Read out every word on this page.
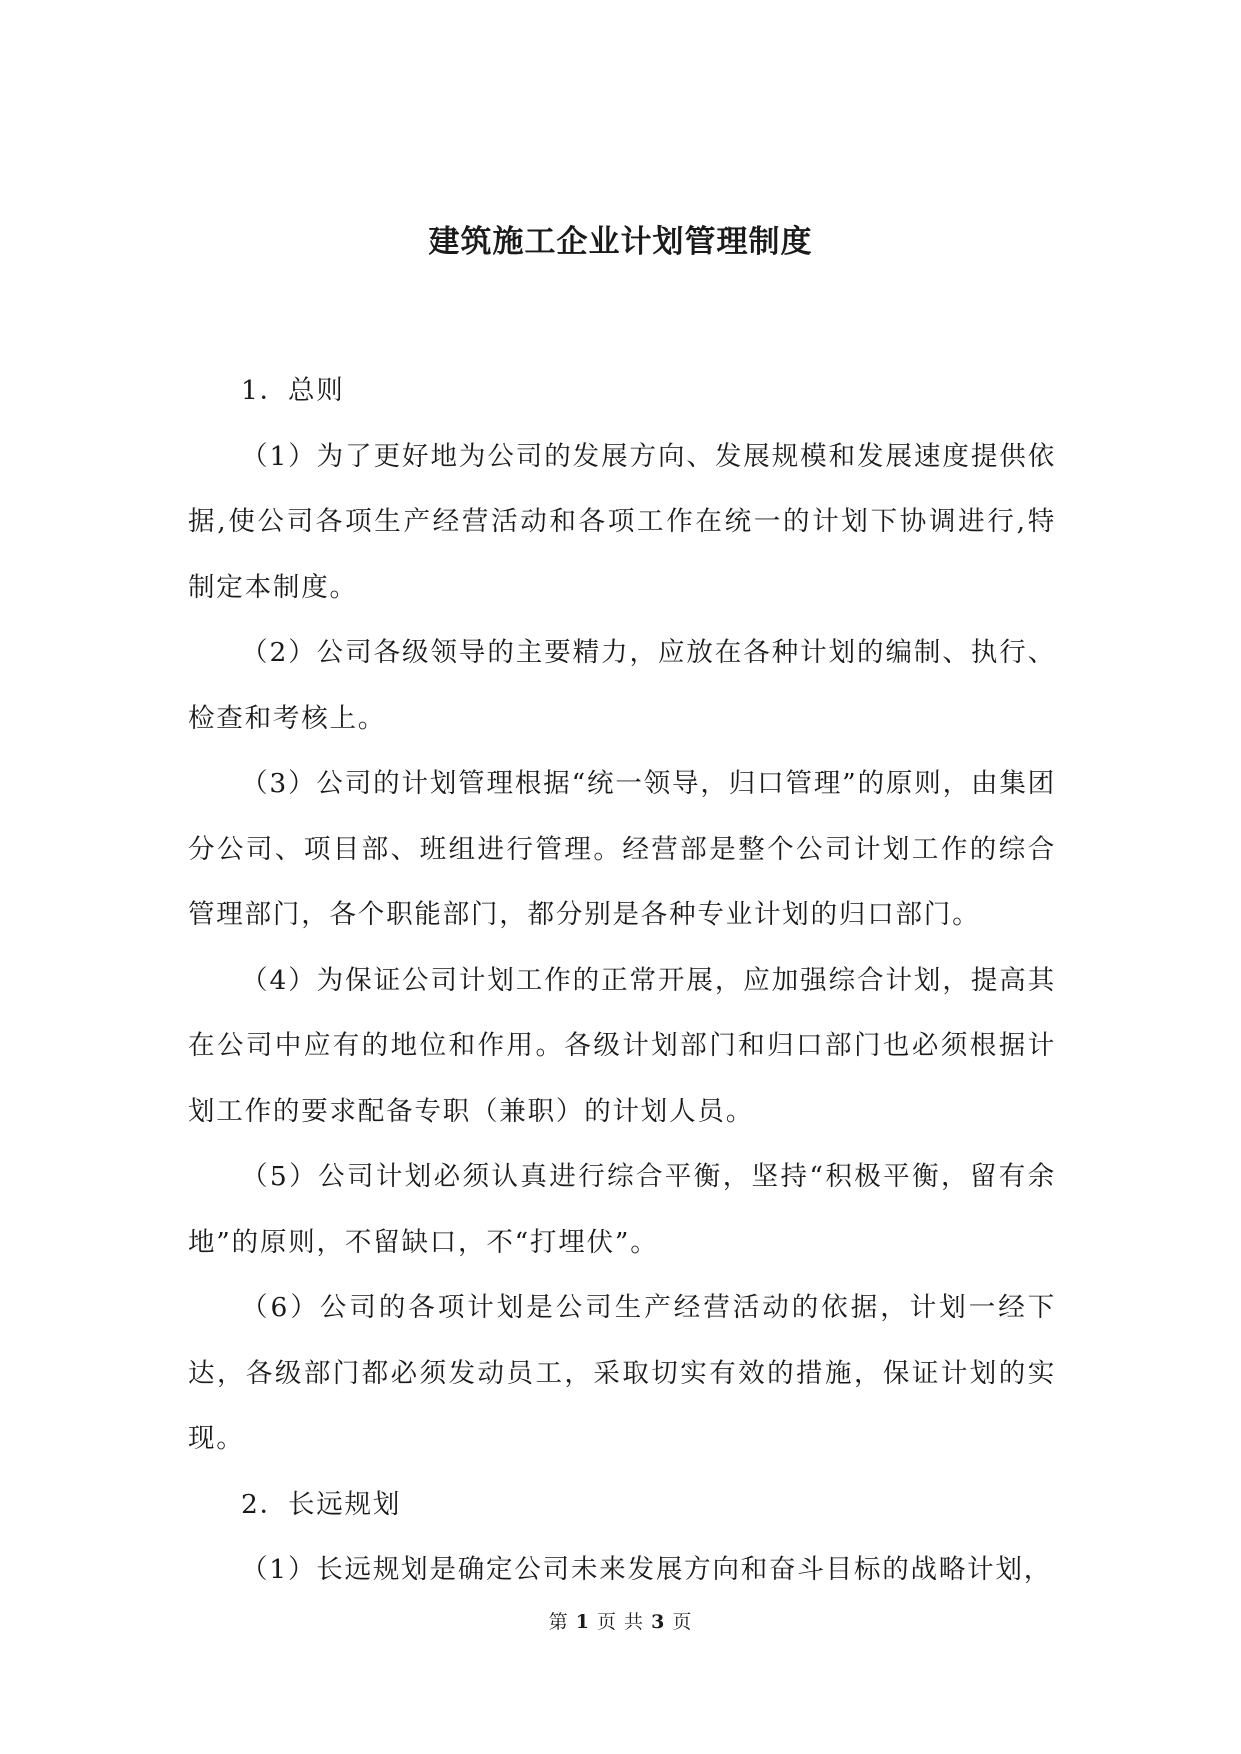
建筑施工企业计划管理制度

1．总则

（1）为了更好地为公司的发展方向、发展规模和发展速度提供依据,使公司各项生产经营活动和各项工作在统一的计划下协调进行,特制定本制度。

（2）公司各级领导的主要精力，应放在各种计划的编制、执行、检查和考核上。

（3）公司的计划管理根据“统一领导，归口管理”的原则，由集团分公司、项目部、班组进行管理。经营部是整个公司计划工作的综合管理部门，各个职能部门，都分别是各种专业计划的归口部门。

（4）为保证公司计划工作的正常开展，应加强综合计划，提高其在公司中应有的地位和作用。各级计划部门和归口部门也必须根据计划工作的要求配备专职（兼职）的计划人员。

（5）公司计划必须认真进行综合平衡，坚持“积极平衡，留有余地”的原则，不留缺口，不“打埋伏”。

（6）公司的各项计划是公司生产经营活动的依据，计划一经下达，各级部门都必须发动员工，采取切实有效的措施，保证计划的实现。

2．长远规划

（1）长远规划是确定公司未来发展方向和奋斗目标的战略计划，

第 1 页 共 3 页
